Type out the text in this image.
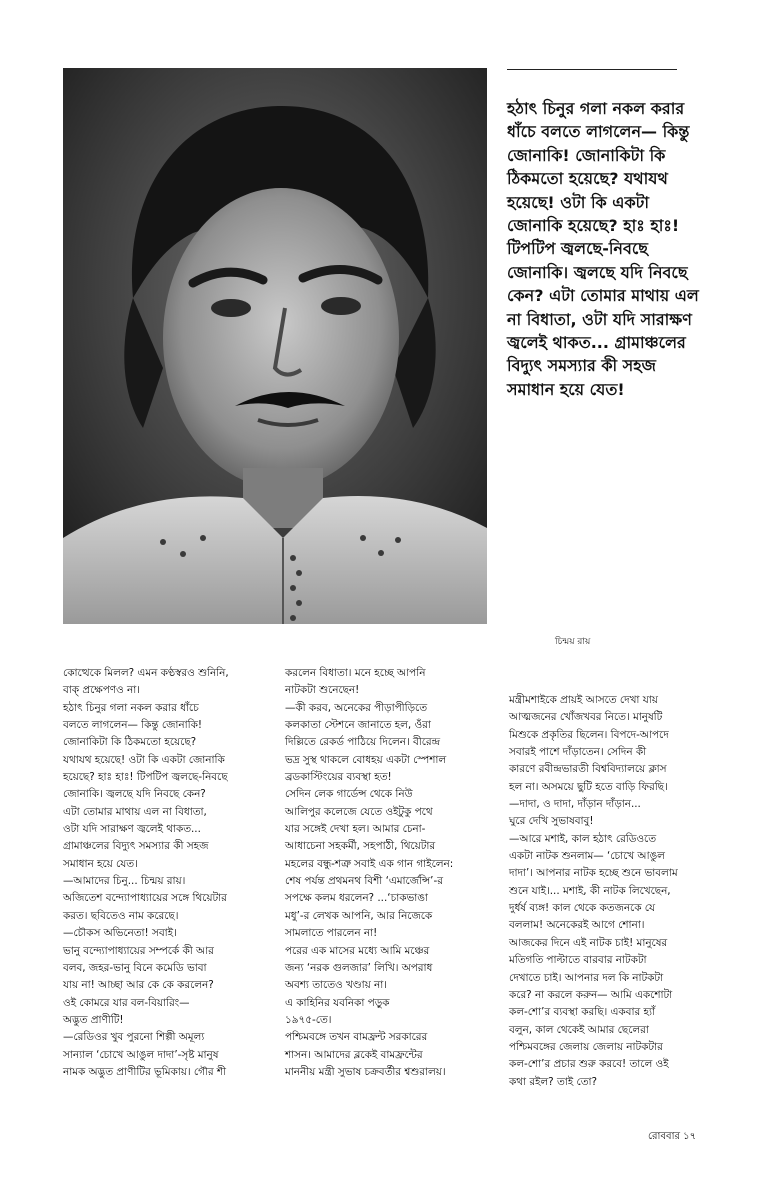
চিন্ময় রায়

হঠাৎ চিনুর গলা নকল করার

ধাঁচে বলতে লাগলেন— কিন্তু

জোনাকি! জোনাকিটা কি

ঠিকমতো হয়েছে? যথাযথ

হয়েছে! ওটা কি একটা

জোনাকি হয়েছে? হাঃ হাঃ!

টিপটিপ জ্বলছে-নিবছে

জোনাকি। জ্বলছে যদি নিবছে

কেন? এটা তোমার মাথায় এল

না বিধাতা, ওটা যদি সারাক্ষণ

জ্বলেই থাকত... গ্রামাঞ্চলের

বিদ্যুৎ সমস্যার কী সহজ

সমাধান হয়ে যেত!

কোত্থেকে মিলল? এমন কণ্ঠস্বরও শুনিনি,

বাক্ প্রক্ষেপণও না।

হঠাৎ চিনুর গলা নকল করার ধাঁচে

বলতে লাগলেন— কিন্তু জোনাকি!

জোনাকিটা কি ঠিকমতো হয়েছে?

যথাযথ হয়েছে! ওটা কি একটা জোনাকি

হয়েছে? হাঃ হাঃ! টিপটিপ জ্বলছে-নিবছে

জোনাকি। জ্বলছে যদি নিবছে কেন?

এটা তোমার মাথায় এল না বিধাতা,

ওটা যদি সারাক্ষণ জ্বলেই থাকত...

গ্রামাঞ্চলের বিদ্যুৎ সমস্যার কী সহজ

সমাধান হয়ে যেত।

—আমাদের চিনু... চিন্ময় রায়।

অজিতেশ বন্দ্যোপাধ্যায়ের সঙ্গে থিয়েটার

করত। ছবিতেও নাম করেছে।

—চৌকস অভিনেতা! সবাই।

ভানু বন্দ্যোপাধ্যায়ের সম্পর্কে কী আর

বলব, জহর-ভানু বিনে কমেডি ভাবা

যায় না! আচ্ছা আর কে কে করলেন?

ওই কোমরে যার বল-বিয়ারিং—

অদ্ভুত প্রাণীটি!

—রেডিওর খুব পুরনো শিল্পী অমূল্য

সান্যাল ‘চোখে আঙুল দাদা’-সৃষ্ট মানুষ

নামক অদ্ভুত প্রাণীটির ভূমিকায়। গৌর শী

করলেন বিধাতা। মনে হচ্ছে আপনি

নাটকটা শুনেছেন!

—কী করব, অনেকের পীড়াপীড়িতে

কলকাতা স্টেশনে জানাতে হল, ওঁরা

দিল্লিতে রেকর্ড পাঠিয়ে দিলেন। বীরেন্দ্র

ভদ্র সুস্থ থাকলে বোধহয় একটা স্পেশাল

ব্রডকাস্টিংয়ের ব্যবস্থা হত!

সেদিন লেক গার্ডেন্স থেকে নিউ

আলিপুর কলেজে যেতে ওইটুকু পথে

যার সঙ্গেই দেখা হল। আমার চেনা-

আধাচেনা সহকর্মী, সহপাঠী, থিয়েটার

মহলের বন্ধু-শত্রু সবাই এক গান গাইলেন:

শেষ পর্যন্ত প্রথমনথ বিশী ‘এমার্জেন্সি’-র

সপক্ষে কলম ধরলেন? ...‘চাকভাঙা

মধু’-র লেখক আপনি, আর নিজেকে

সামলাতে পারলেন না!

পরের এক মাসের মধ্যে আমি মঞ্চের

জন্য ‘নরক গুলজার’ লিখি। অপরাধ

অবশ্য তাতেও খণ্ডায় না।

এ কাহিনির যবনিকা পড়ুক

১৯৭৫-তে।

পশ্চিমবঙ্গে তখন বামফ্রন্ট সরকারের

শাসন। আমাদের ব্লকেই বামফ্রন্টের

মাননীয় মন্ত্রী সুভাষ চক্রবর্তীর শ্বশুরালয়।

মন্ত্রীমশাইকে প্রায়ই আসতে দেখা যায়

আত্মজনের খোঁজখবর নিতে। মানুষটি

মিশুকে প্রকৃতির ছিলেন। বিপদে-আপদে

সবারই পাশে দাঁড়াতেন। সেদিন কী

কারণে রবীন্দ্রভারতী বিশ্ববিদ্যালয়ে ক্লাস

হল না। অসময়ে ছুটি হতে বাড়ি ফিরছি।

—দাদা, ও দাদা, দাঁড়ান দাঁড়ান...

ঘুরে দেখি সুভাষবাবু!

—আরে মশাই, কাল হঠাৎ রেডিওতে

একটা নাটক শুনলাম— ‘চোখে আঙুল

দাদা’। আপনার নাটক হচ্ছে শুনে ভাবলাম

শুনে যাই।... মশাই, কী নাটক লিখেছেন,

দুর্ধর্ষ ব্যঙ্গ! কাল থেকে কতজনকে যে

বললাম! অনেকেরই আগে শোনা।

আজকের দিনে এই নাটক চাই! মানুষের

মতিগতি পাল্টাতে বারবার নাটকটা

দেখাতে চাই। আপনার দল কি নাটকটা

করে? না করলে করুন— আমি একশোটা

কল-শো’র ব্যবস্থা করছি। একবার হ্যাঁ

বলুন, কাল থেকেই আমার ছেলেরা

পশ্চিমবঙ্গের জেলায় জেলায় নাটকটার

কল-শো’র প্রচার শুরু করবে! তালে ওই

কথা রইল? তাই তো?

রোববার ১৭
